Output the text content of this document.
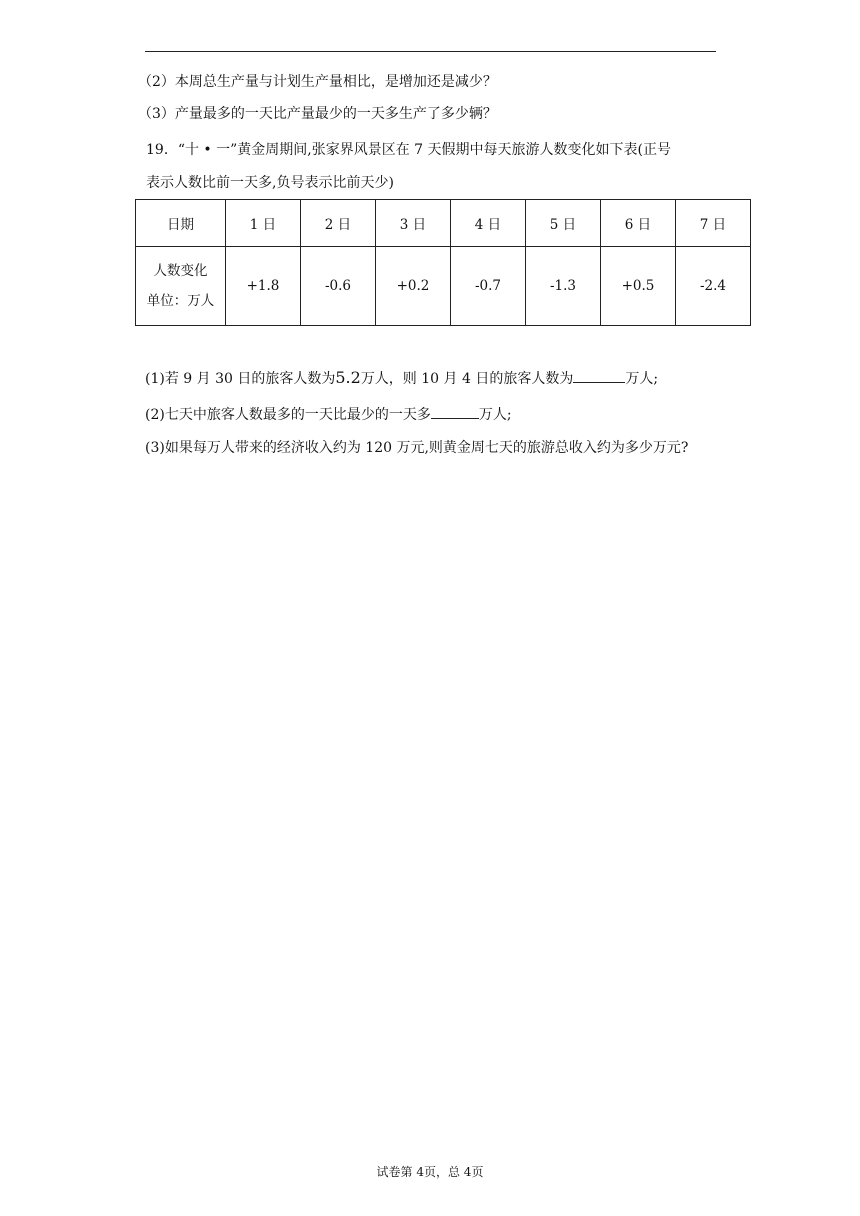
（2）本周总生产量与计划生产量相比，是增加还是减少？
（3）产量最多的一天比产量最少的一天多生产了多少辆？
19．“十 • 一”黄金周期间,张家界风景区在 7 天假期中每天旅游人数变化如下表(正号
表示人数比前一天多,负号表示比前天少)
日期	1 日	2 日	3 日	4 日	5 日	6 日	7 日

人数变化
单位：万人	+1.8	-0.6	+0.2	-0.7	-1.3	+0.5	-2.4
(1)若 9 月 30 日的旅客人数为5.2万人，则 10 月 4 日的旅客人数为	万人;
(2)七天中旅客人数最多的一天比最少的一天多	万人;
(3)如果每万人带来的经济收入约为 120 万元,则黄金周七天的旅游总收入约为多少万元?
试卷第 4页，总 4页
